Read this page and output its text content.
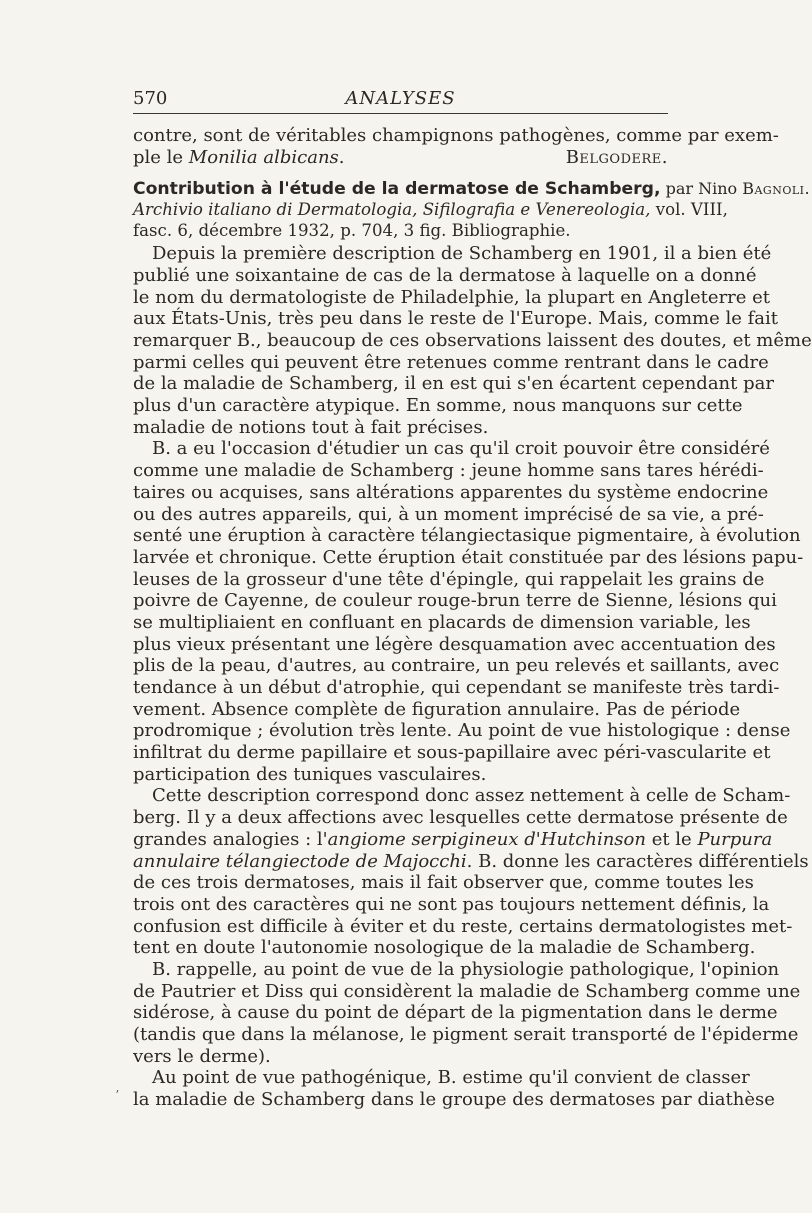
570	ANALYSES
contre, sont de véritables champignons pathogènes, comme par exem-
ple le Monilia albicans.	Belgodere.
Contribution à l'étude de la dermatose de Schamberg, par Nino Bagnoli.
Archivio italiano di Dermatologia, Sifilografia e Venereologia, vol. VIII,
fasc. 6, décembre 1932, p. 704, 3 fig. Bibliographie.
Depuis la première description de Schamberg en 1901, il a bien été
publié une soixantaine de cas de la dermatose à laquelle on a donné
le nom du dermatologiste de Philadelphie, la plupart en Angleterre et
aux États-Unis, très peu dans le reste de l'Europe. Mais, comme le fait
remarquer B., beaucoup de ces observations laissent des doutes, et même
parmi celles qui peuvent être retenues comme rentrant dans le cadre
de la maladie de Schamberg, il en est qui s'en écartent cependant par
plus d'un caractère atypique. En somme, nous manquons sur cette
maladie de notions tout à fait précises.
B. a eu l'occasion d'étudier un cas qu'il croit pouvoir être considéré
comme une maladie de Schamberg : jeune homme sans tares hérédi-
taires ou acquises, sans altérations apparentes du système endocrine
ou des autres appareils, qui, à un moment imprécisé de sa vie, a pré-
senté une éruption à caractère télangiectasique pigmentaire, à évolution
larvée et chronique. Cette éruption était constituée par des lésions papu-
leuses de la grosseur d'une tête d'épingle, qui rappelait les grains de
poivre de Cayenne, de couleur rouge-brun terre de Sienne, lésions qui
se multipliaient en confluant en placards de dimension variable, les
plus vieux présentant une légère desquamation avec accentuation des
plis de la peau, d'autres, au contraire, un peu relevés et saillants, avec
tendance à un début d'atrophie, qui cependant se manifeste très tardi-
vement. Absence complète de figuration annulaire. Pas de période
prodromique ; évolution très lente. Au point de vue histologique : dense
infiltrat du derme papillaire et sous-papillaire avec péri-vascularite et
participation des tuniques vasculaires.
Cette description correspond donc assez nettement à celle de Scham-
berg. Il y a deux affections avec lesquelles cette dermatose présente de
grandes analogies : l'angiome serpigineux d'Hutchinson et le Purpura
annulaire télangiectode de Majocchi. B. donne les caractères différentiels
de ces trois dermatoses, mais il fait observer que, comme toutes les
trois ont des caractères qui ne sont pas toujours nettement définis, la
confusion est difficile à éviter et du reste, certains dermatologistes met-
tent en doute l'autonomie nosologique de la maladie de Schamberg.
B. rappelle, au point de vue de la physiologie pathologique, l'opinion
de Pautrier et Diss qui considèrent la maladie de Schamberg comme une
sidérose, à cause du point de départ de la pigmentation dans le derme
(tandis que dans la mélanose, le pigment serait transporté de l'épiderme
vers le derme).
Au point de vue pathogénique, B. estime qu'il convient de classer
la maladie de Schamberg dans le groupe des dermatoses par diathèse
ʼ
